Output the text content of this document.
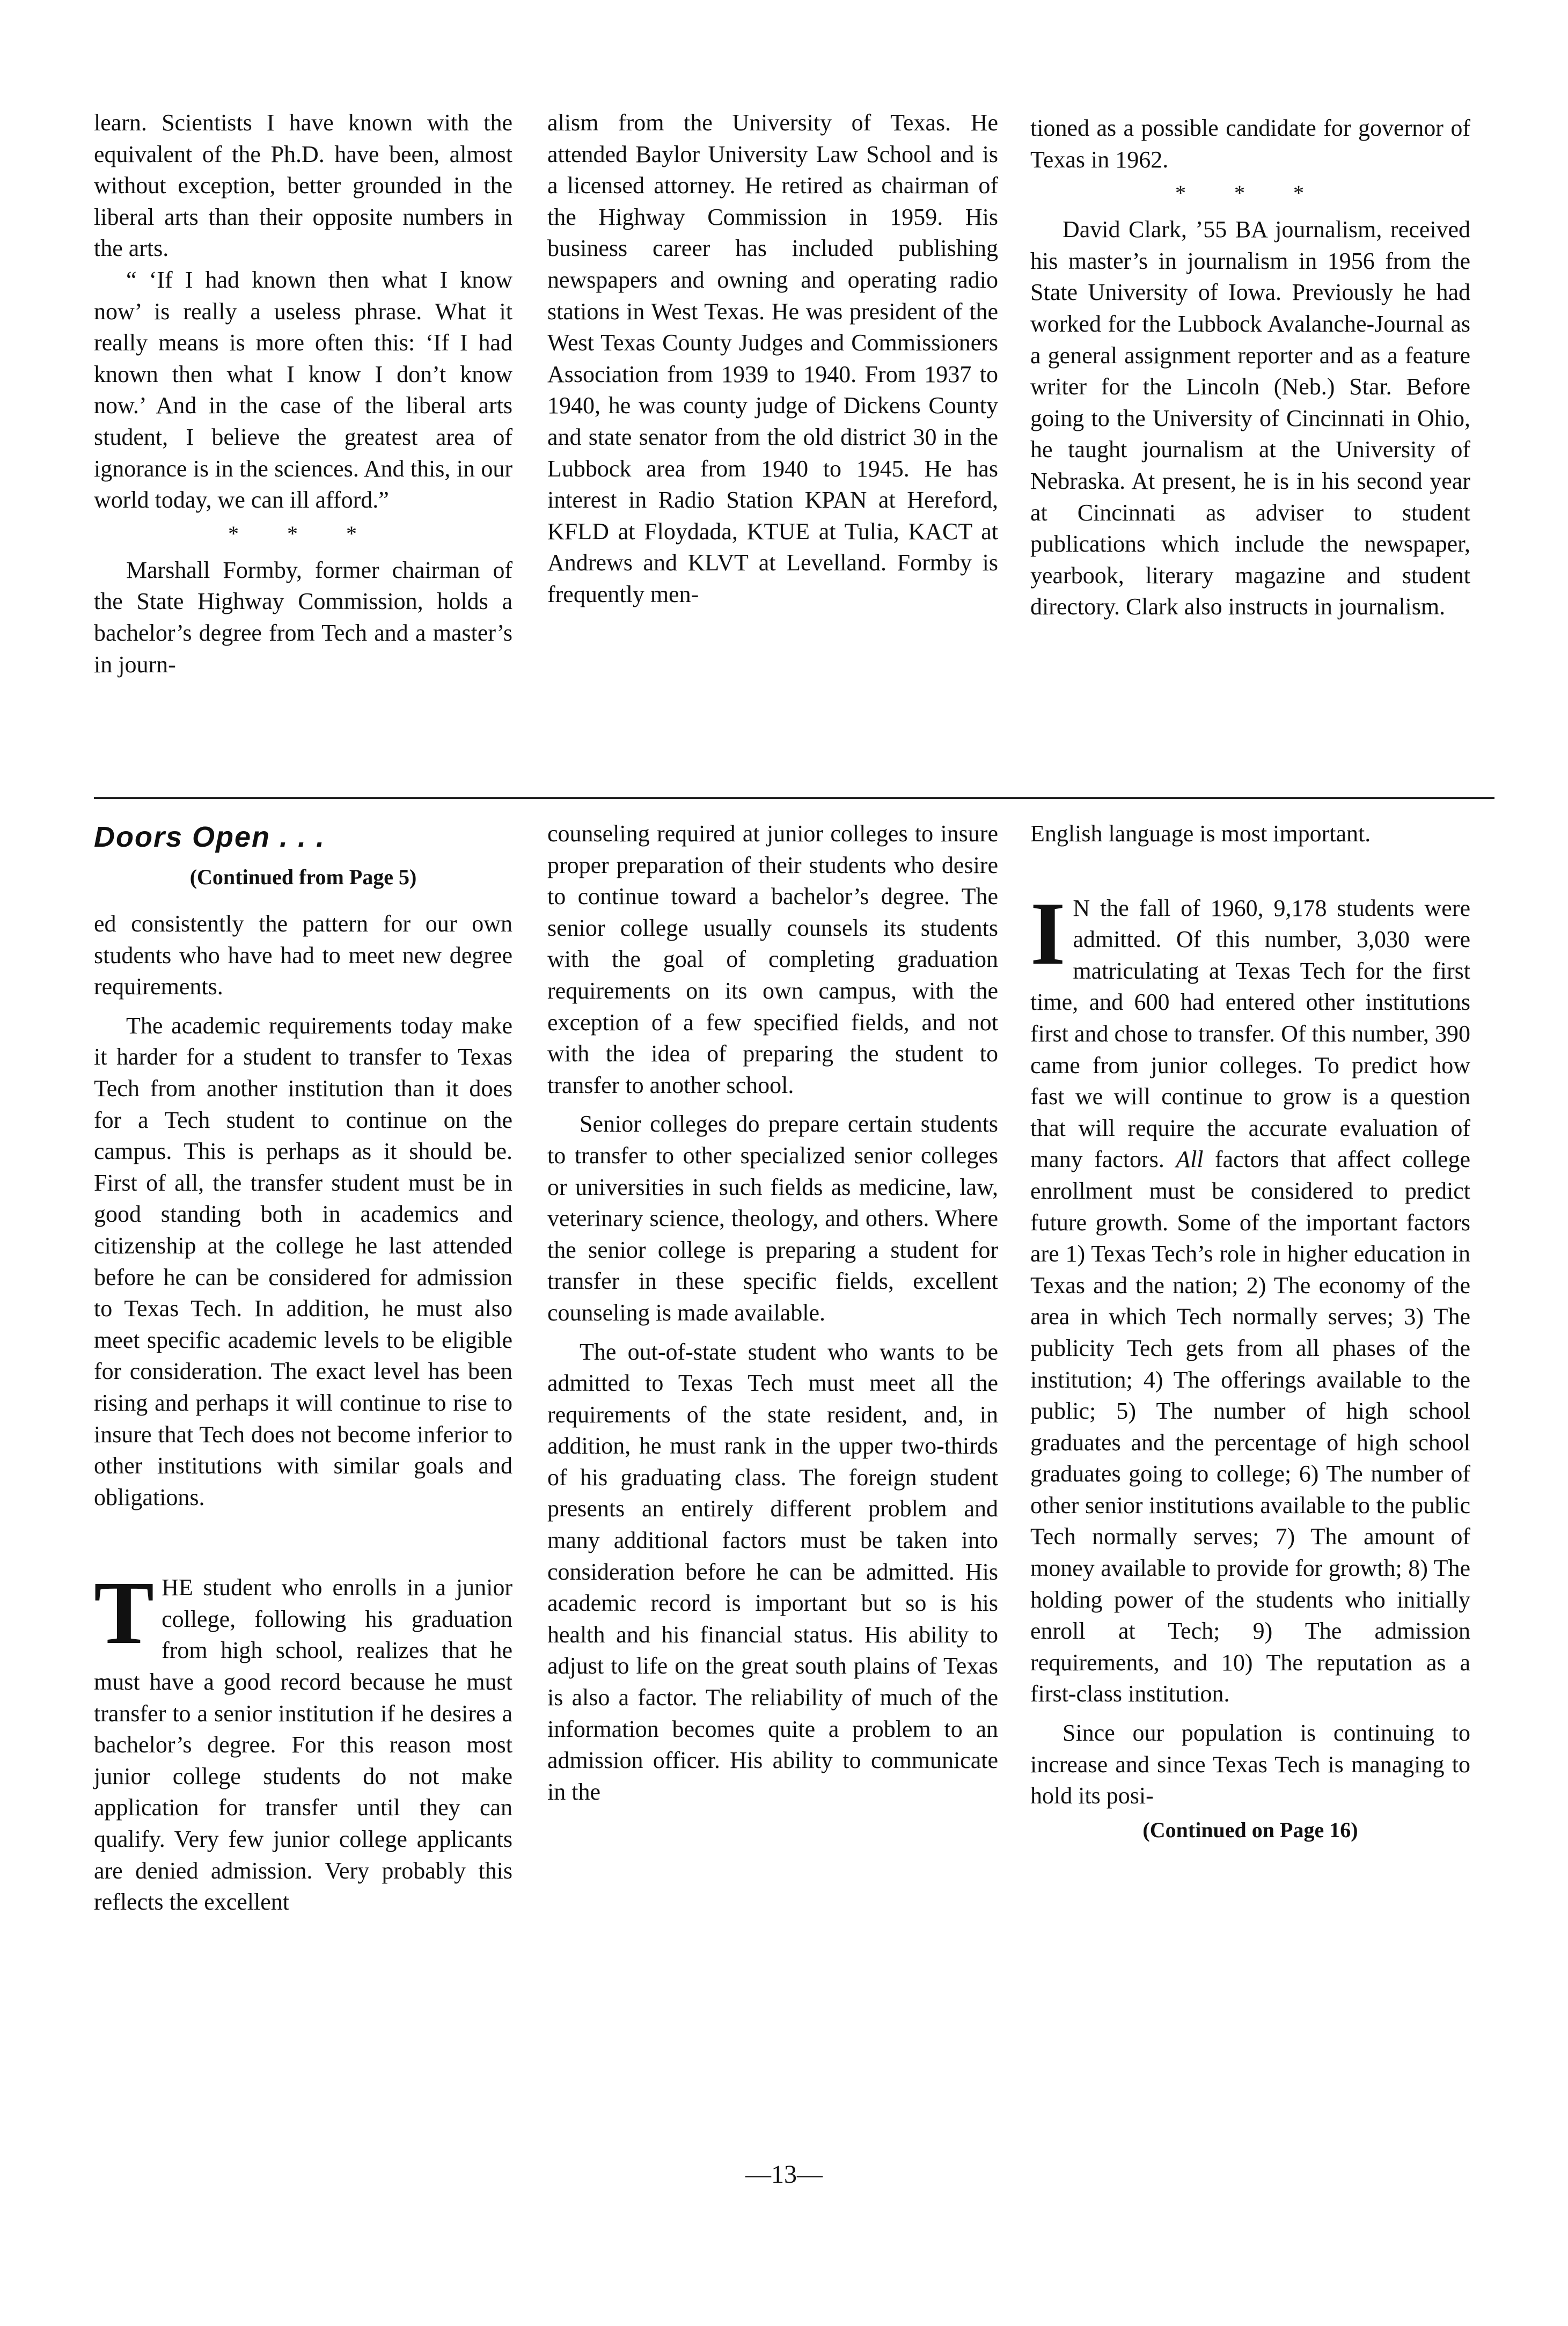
learn. Scientists I have known with the equivalent of the Ph.D. have been, almost without exception, better grounded in the liberal arts than their opposite numbers in the arts.

“ ‘If I had known then what I know now’ is really a useless phrase. What it really means is more often this: ‘If I had known then what I know I don’t know now.’ And in the case of the liberal arts student, I believe the greatest area of ignorance is in the sciences. And this, in our world today, we can ill afford.”

* * *

Marshall Formby, former chairman of the State Highway Commission, holds a bachelor’s degree from Tech and a master’s in journ-

alism from the University of Texas. He attended Baylor University Law School and is a licensed attorney. He retired as chairman of the Highway Commission in 1959. His business career has included publishing newspapers and owning and operating radio stations in West Texas. He was president of the West Texas County Judges and Commissioners Association from 1939 to 1940. From 1937 to 1940, he was county judge of Dickens County and state senator from the old district 30 in the Lubbock area from 1940 to 1945. He has interest in Radio Station KPAN at Hereford, KFLD at Floydada, KTUE at Tulia, KACT at Andrews and KLVT at Levelland. Formby is frequently men-

tioned as a possible candidate for governor of Texas in 1962.

* * *

David Clark, ’55 BA journalism, received his master’s in journalism in 1956 from the State University of Iowa. Previously he had worked for the Lubbock Avalanche-Journal as a general assignment reporter and as a feature writer for the Lincoln (Neb.) Star. Before going to the University of Cincinnati in Ohio, he taught journalism at the University of Nebraska. At present, he is in his second year at Cincinnati as adviser to student publications which include the newspaper, yearbook, literary magazine and student directory. Clark also instructs in journalism.

Doors Open . . .
(Continued from Page 5)

ed consistently the pattern for our own students who have had to meet new degree requirements.

The academic requirements today make it harder for a student to transfer to Texas Tech from another institution than it does for a Tech student to continue on the campus. This is perhaps as it should be. First of all, the transfer student must be in good standing both in academics and citizenship at the college he last attended before he can be considered for admission to Texas Tech. In addition, he must also meet specific academic levels to be eligible for consideration. The exact level has been rising and perhaps it will continue to rise to insure that Tech does not become inferior to other institutions with similar goals and obligations.

THE student who enrolls in a junior college, following his graduation from high school, realizes that he must have a good record because he must transfer to a senior institution if he desires a bachelor’s degree. For this reason most junior college students do not make application for transfer until they can qualify. Very few junior college applicants are denied admission. Very probably this reflects the excellent

counseling required at junior colleges to insure proper preparation of their students who desire to continue toward a bachelor’s degree. The senior college usually counsels its students with the goal of completing graduation requirements on its own campus, with the exception of a few specified fields, and not with the idea of preparing the student to transfer to another school.

Senior colleges do prepare certain students to transfer to other specialized senior colleges or universities in such fields as medicine, law, veterinary science, theology, and others. Where the senior college is preparing a student for transfer in these specific fields, excellent counseling is made available.

The out-of-state student who wants to be admitted to Texas Tech must meet all the requirements of the state resident, and, in addition, he must rank in the upper two-thirds of his graduating class. The foreign student presents an entirely different problem and many additional factors must be taken into consideration before he can be admitted. His academic record is important but so is his health and his financial status. His ability to adjust to life on the great south plains of Texas is also a factor. The reliability of much of the information becomes quite a problem to an admission officer. His ability to communicate in the

English language is most important.

I N the fall of 1960, 9,178 students were admitted. Of this number, 3,030 were matriculating at Texas Tech for the first time, and 600 had entered other institutions first and chose to transfer. Of this number, 390 came from junior colleges. To predict how fast we will continue to grow is a question that will require the accurate evaluation of many factors. All factors that affect college enrollment must be considered to predict future growth. Some of the important factors are 1) Texas Tech’s role in higher education in Texas and the nation; 2) The economy of the area in which Tech normally serves; 3) The publicity Tech gets from all phases of the institution; 4) The offerings available to the public; 5) The number of high school graduates and the percentage of high school graduates going to college; 6) The number of other senior institutions available to the public Tech normally serves; 7) The amount of money available to provide for growth; 8) The holding power of the students who initially enroll at Tech; 9) The admission requirements, and 10) The reputation as a first-class institution.

Since our population is continuing to increase and since Texas Tech is managing to hold its posi-

(Continued on Page 16)
—13—
